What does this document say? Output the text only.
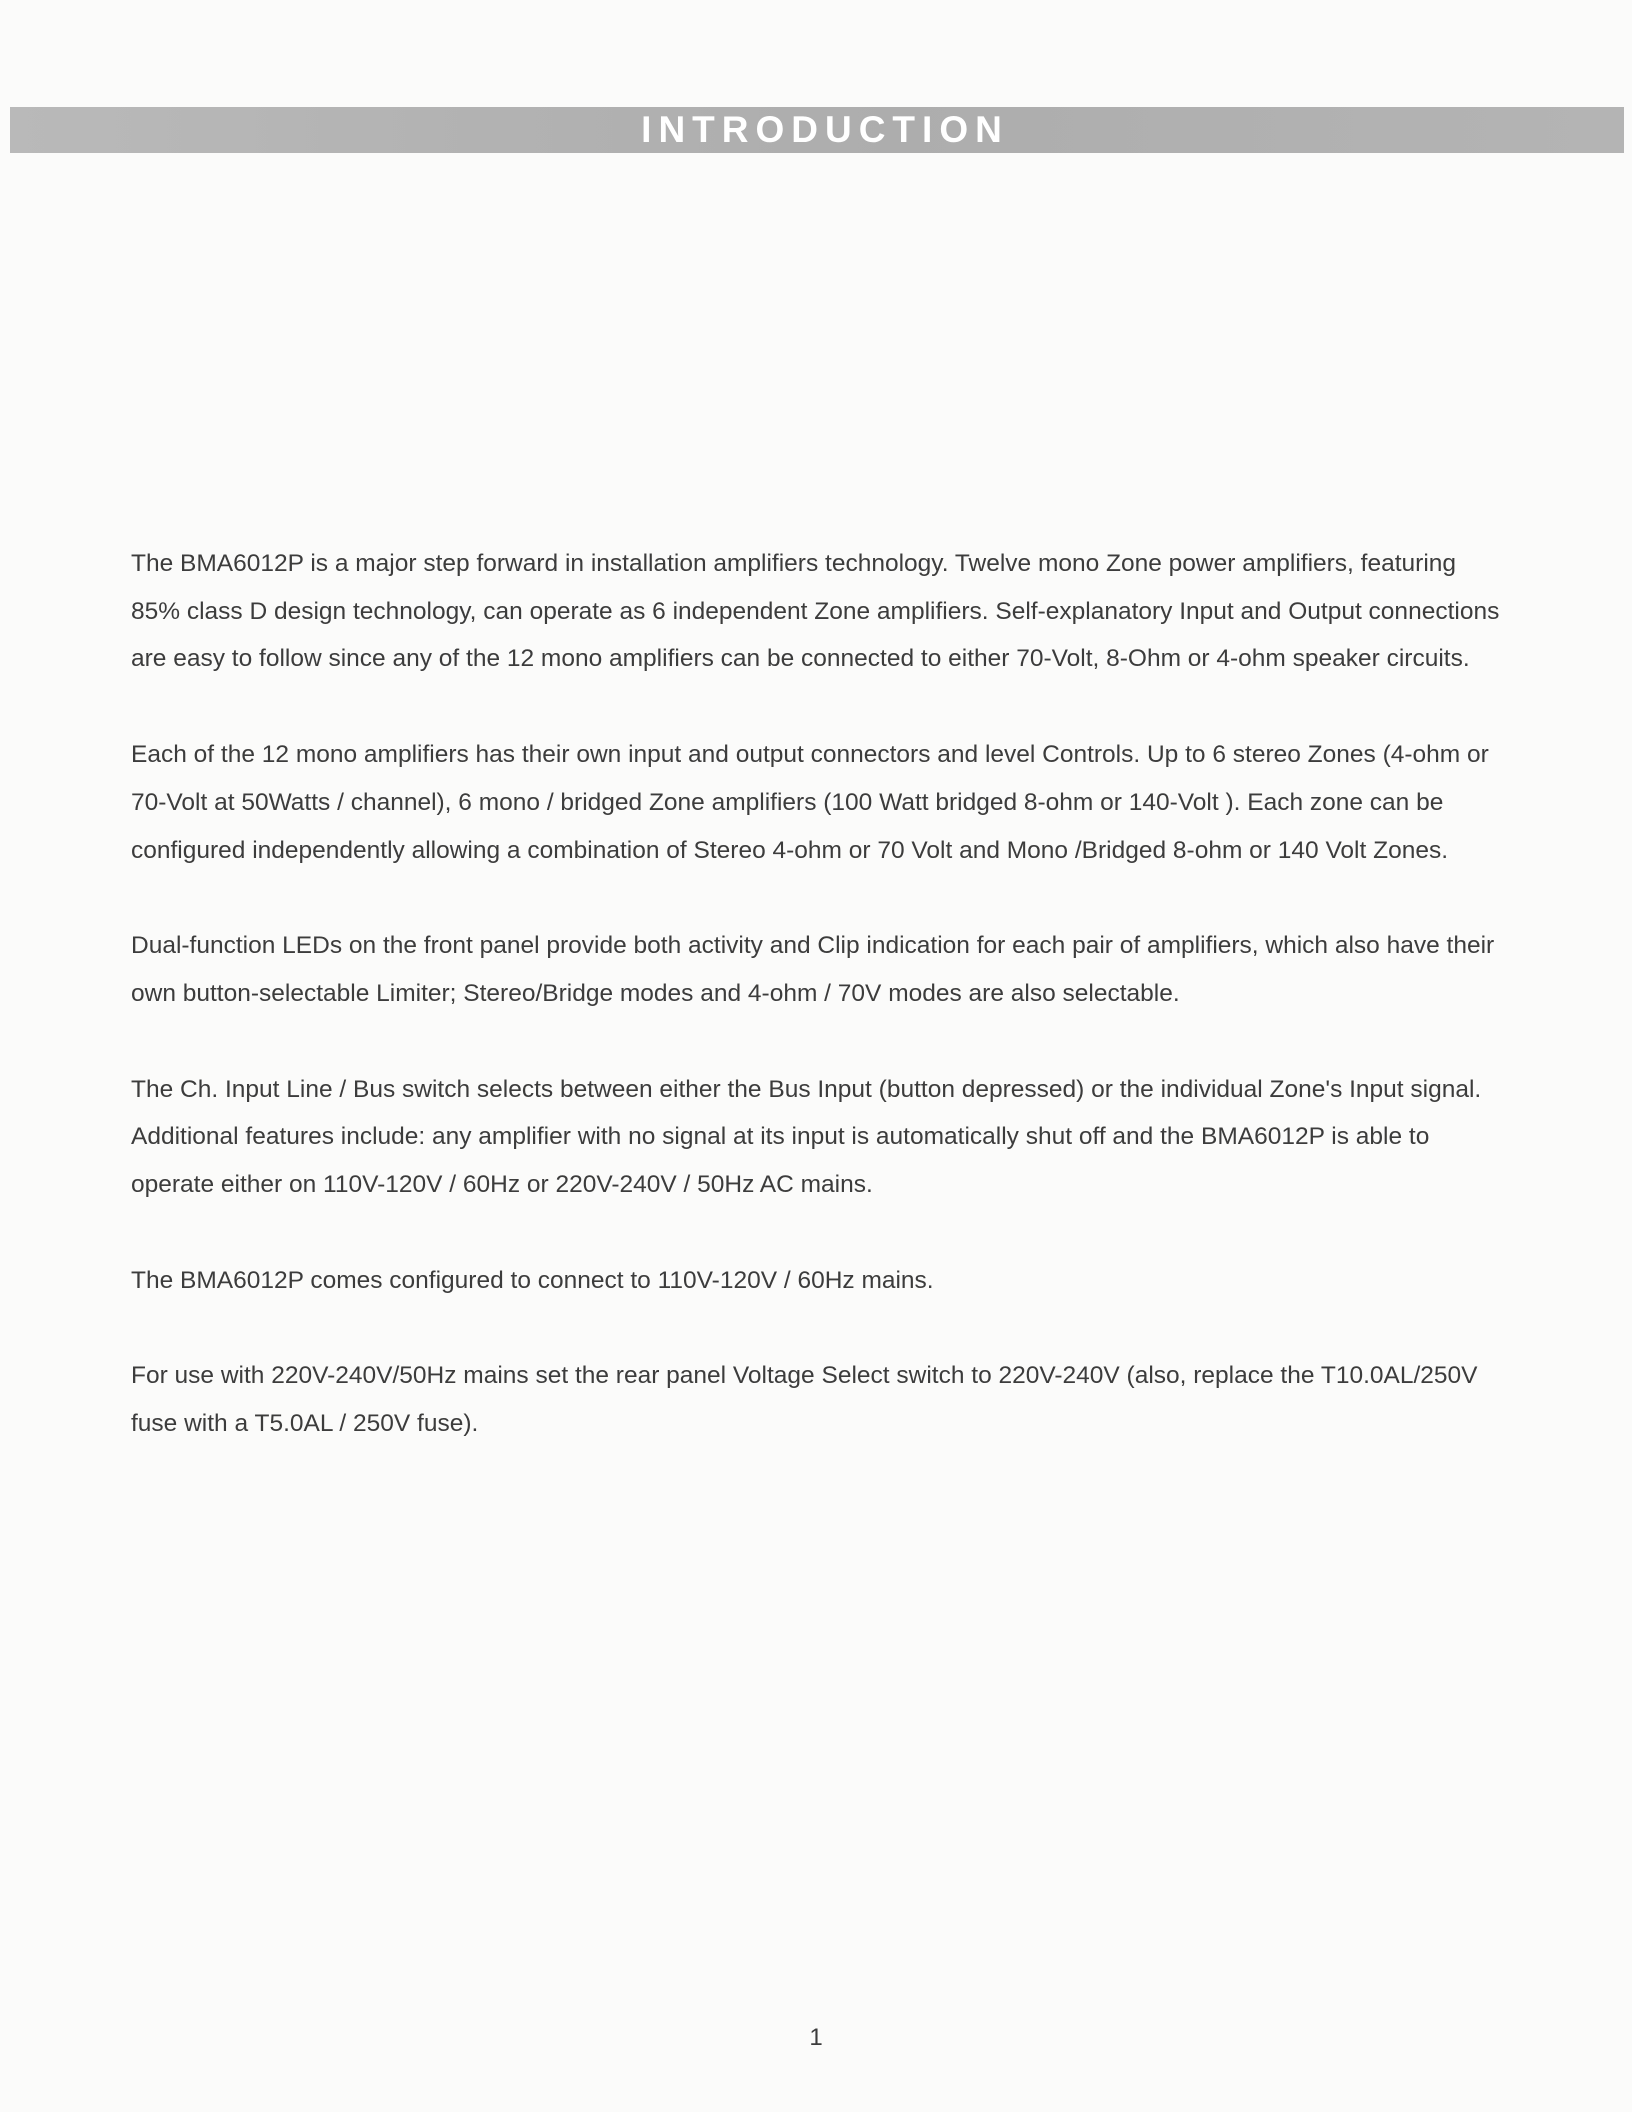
INTRODUCTION

The BMA6012P is a major step forward in installation amplifiers technology. Twelve mono Zone power amplifiers, featuring 85% class D design technology, can operate as 6 independent Zone amplifiers. Self-explanatory Input and Output connections are easy to follow since any of the 12 mono amplifiers can be connected to either 70-Volt, 8-Ohm or 4-ohm speaker circuits.

Each of the 12 mono amplifiers has their own input and output connectors and level Controls. Up to 6 stereo Zones (4-ohm or 70-Volt at 50Watts / channel), 6 mono / bridged Zone amplifiers (100 Watt bridged 8-ohm or 140-Volt ). Each zone can be configured independently allowing a combination of Stereo 4-ohm or 70 Volt and Mono /Bridged 8-ohm or 140 Volt Zones.

Dual-function LEDs on the front panel provide both activity and Clip indication for each pair of amplifiers, which also have their own button-selectable Limiter; Stereo/Bridge modes and 4-ohm / 70V modes are also selectable.

The Ch. Input Line / Bus switch selects between either the Bus Input (button depressed) or the individual Zone's Input signal. Additional features include: any amplifier with no signal at its input is automatically shut off and the BMA6012P is able to operate either on 110V-120V / 60Hz or 220V-240V / 50Hz AC mains.

The BMA6012P comes configured to connect to 110V-120V / 60Hz mains.

For use with 220V-240V/50Hz mains set the rear panel Voltage Select switch to 220V-240V (also, replace the T10.0AL/250V fuse with a T5.0AL / 250V fuse).

1
